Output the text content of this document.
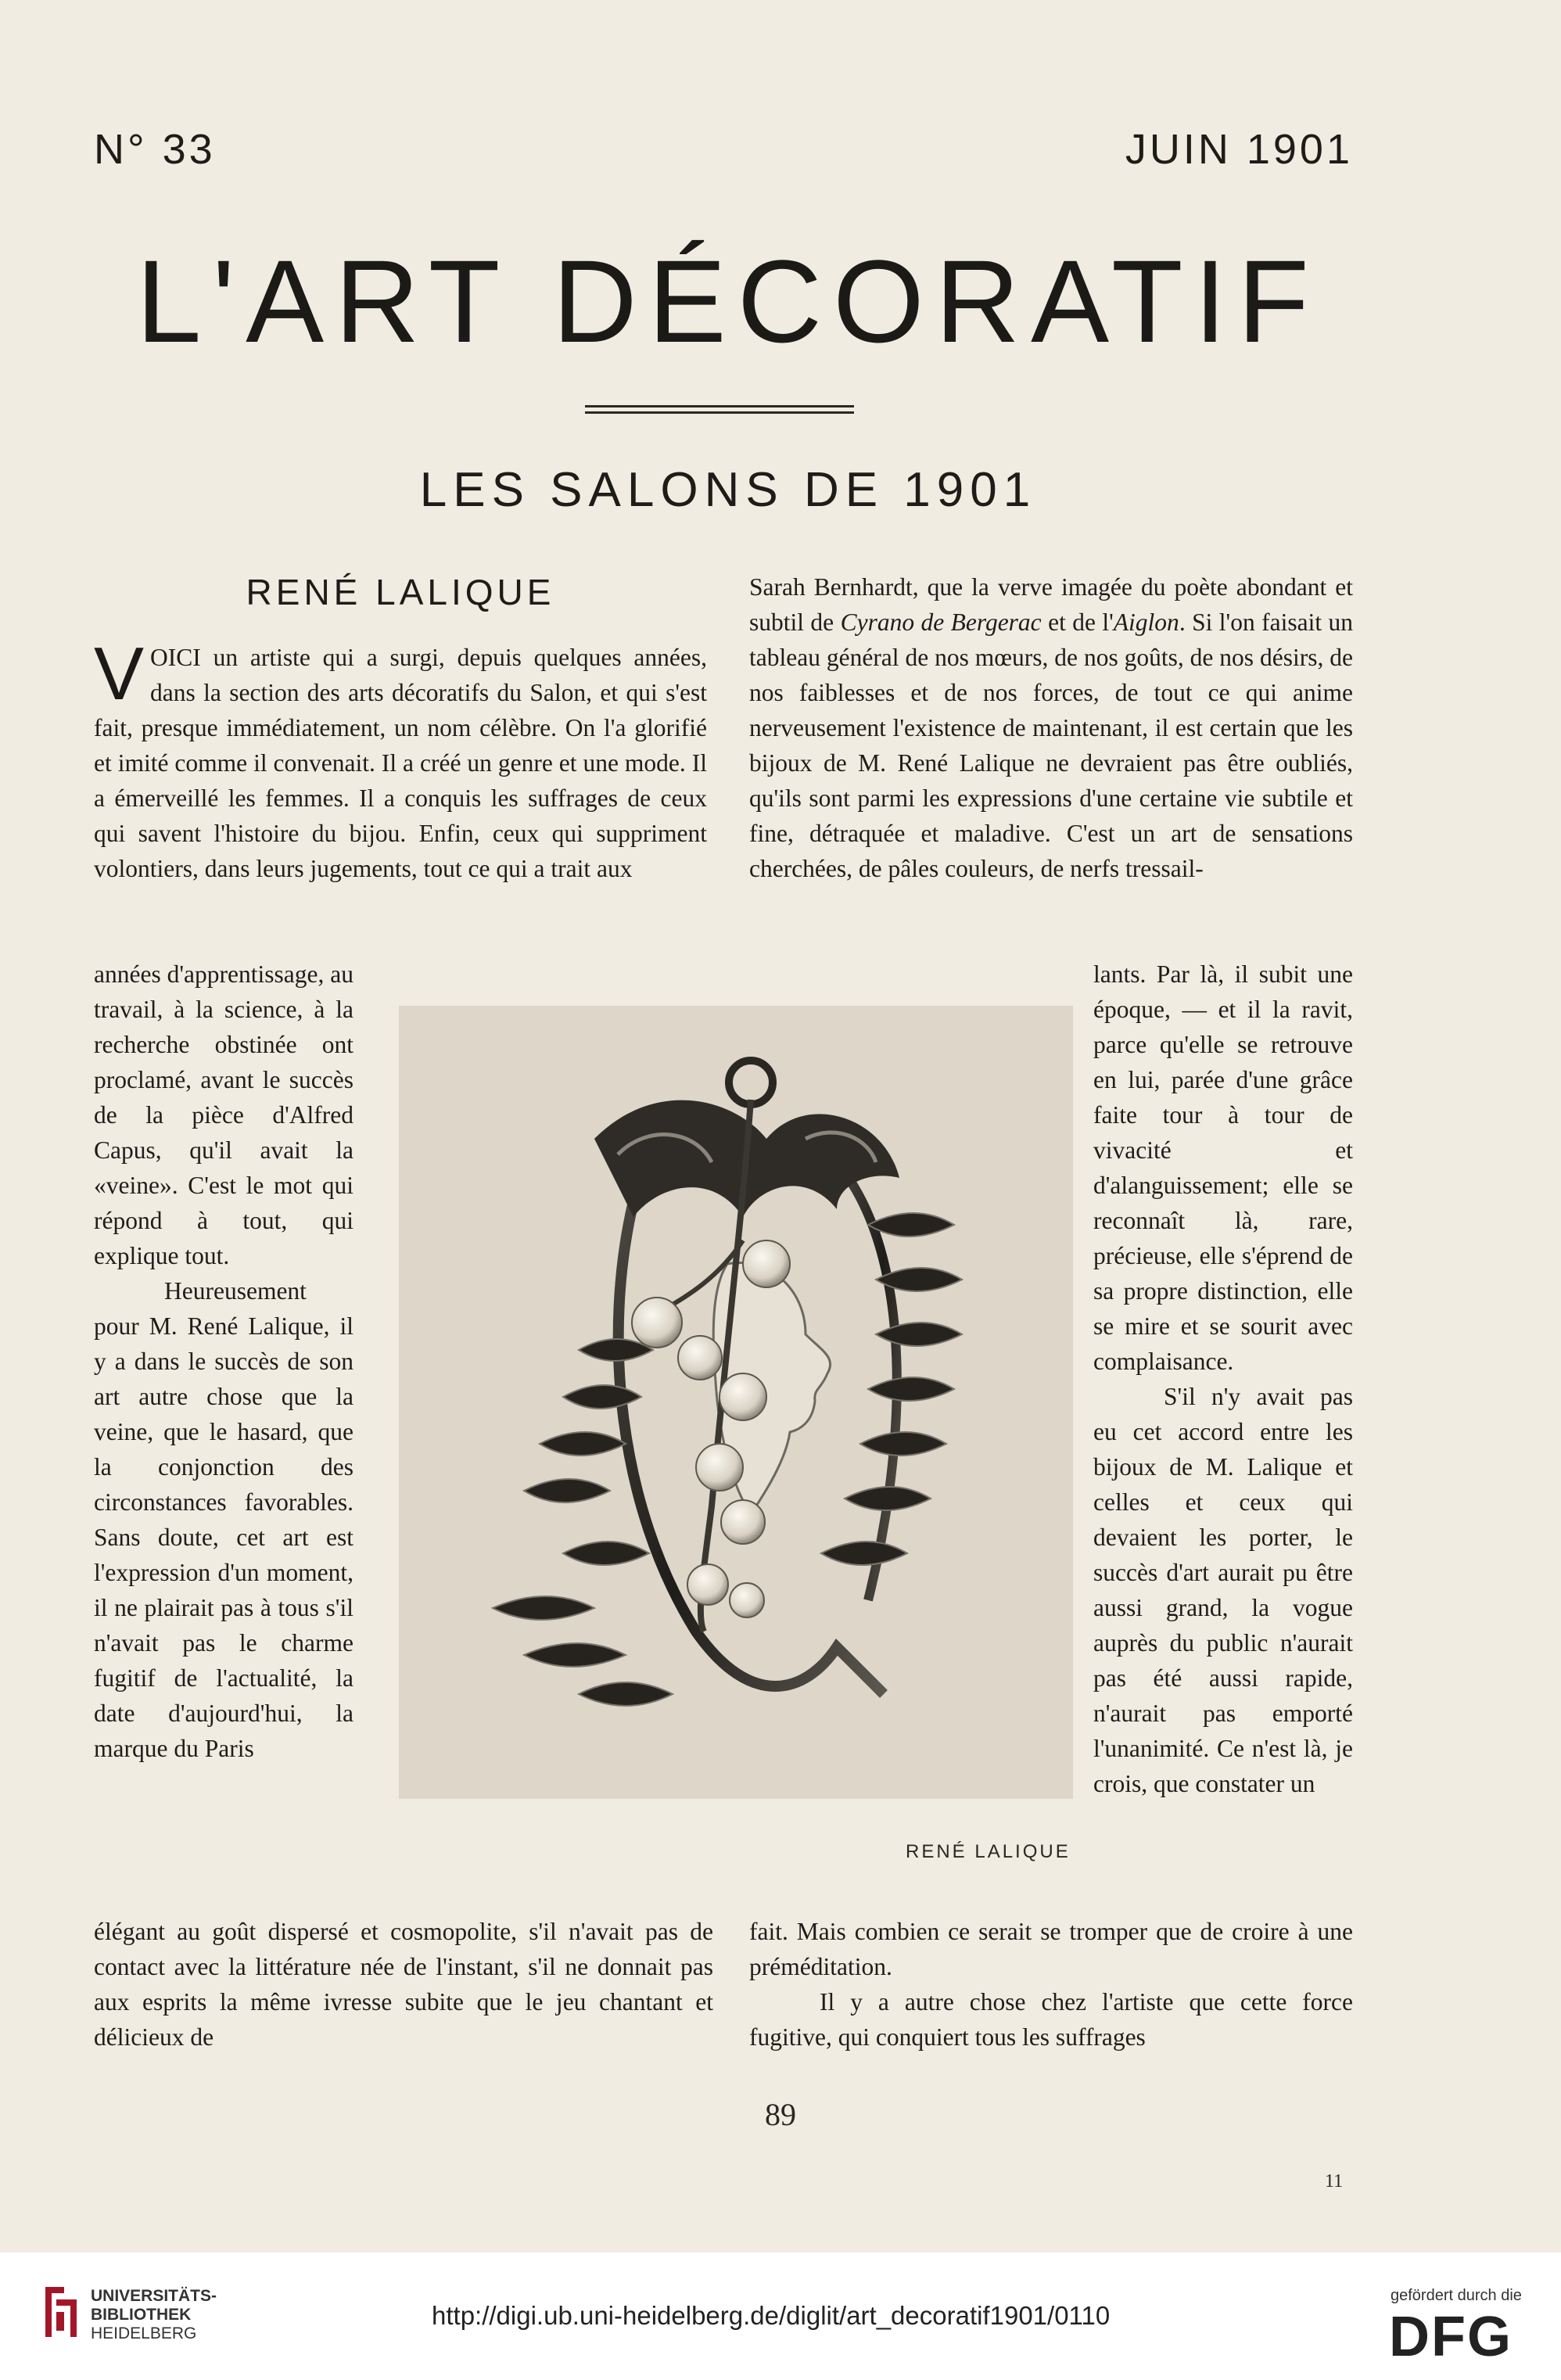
N° 33	JUIN 1901
L'ART DÉCORATIF
LES SALONS DE 1901
RENÉ LALIQUE

VOICI un artiste qui a surgi, depuis quelques années, dans la section des arts décoratifs du Salon, et qui s'est fait, presque immédiatement, un nom célèbre. On l'a glorifié et imité comme il convenait. Il a créé un genre et une mode. Il a émerveillé les femmes. Il a conquis les suffrages de ceux qui savent l'histoire du bijou. Enfin, ceux qui suppriment volontiers, dans leurs jugements, tout ce qui a trait aux

années d'apprentissage, au travail, à la science, à la recherche obstinée ont proclamé, avant le succès de la pièce d'Alfred Capus, qu'il avait la «veine». C'est le mot qui répond à tout, qui explique tout.

Heureusement pour M. René Lalique, il y a dans le succès de son art autre chose que la veine, que le hasard, que la conjonction des circonstances favorables. Sans doute, cet art est l'expression d'un moment, il ne plairait pas à tous s'il n'avait pas le charme fugitif de l'actualité, la date d'aujourd'hui, la marque du Paris

élégant au goût dispersé et cosmopolite, s'il n'avait pas de contact avec la littérature née de l'instant, s'il ne donnait pas aux esprits la même ivresse subite que le jeu chantant et délicieux de

Sarah Bernhardt, que la verve imagée du poète abondant et subtil de Cyrano de Bergerac et de l'Aiglon. Si l'on faisait un tableau général de nos mœurs, de nos goûts, de nos désirs, de nos faiblesses et de nos forces, de tout ce qui anime nerveusement l'existence de maintenant, il est certain que les bijoux de M. René Lalique ne devraient pas être oubliés, qu'ils sont parmi les expressions d'une certaine vie subtile et fine, détraquée et maladive. C'est un art de sensations cherchées, de pâles couleurs, de nerfs tressail-

lants. Par là, il subit une époque, — et il la ravit, parce qu'elle se retrouve en lui, parée d'une grâce faite tour à tour de vivacité et d'alanguissement; elle se reconnaît là, rare, précieuse, elle s'éprend de sa propre distinction, elle se mire et se sourit avec complaisance.

S'il n'y avait pas eu cet accord entre les bijoux de M. Lalique et celles et ceux qui devaient les porter, le succès d'art aurait pu être aussi grand, la vogue auprès du public n'aurait pas été aussi rapide, n'aurait pas emporté l'unanimité. Ce n'est là, je crois, que constater un

fait. Mais combien ce serait se tromper que de croire à une préméditation.

Il y a autre chose chez l'artiste que cette force fugitive, qui conquiert tous les suffrages

RENÉ LALIQUE
89
11
UNIVERSITÄTS-
BIBLIOTHEK
HEIDELBERG
http://digi.ub.uni-heidelberg.de/diglit/art_decoratif1901/0110
gefördert durch die
DFG
